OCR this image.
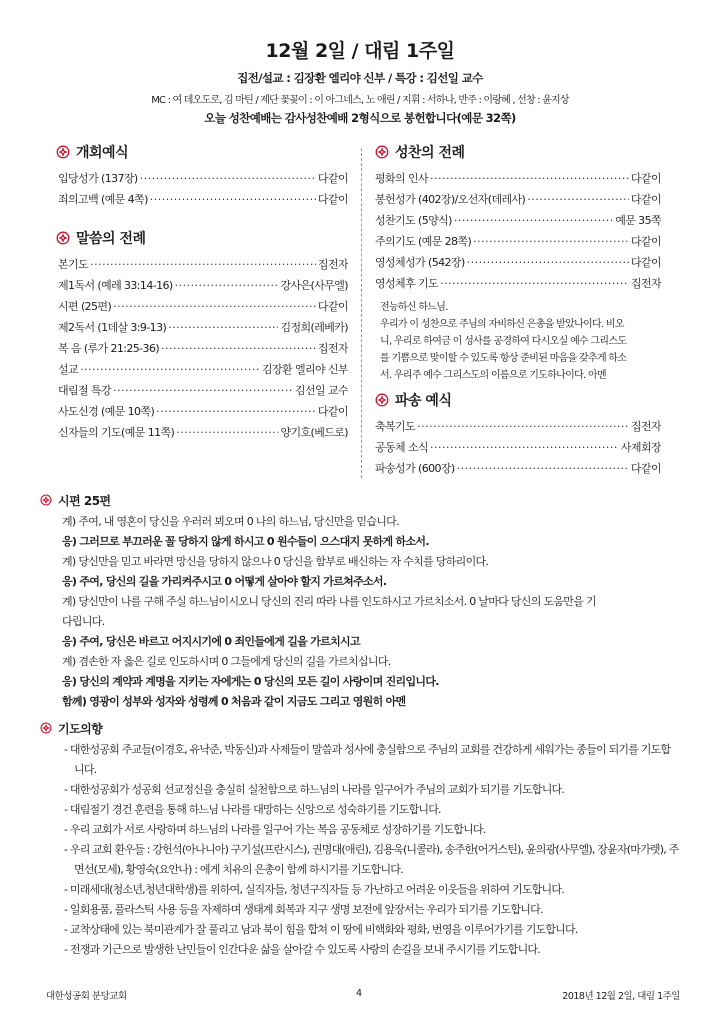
12월 2일 / 대림 1주일
집전/설교 : 김장환 엘리야 신부 / 특강 : 김선일 교수
MC : 여 데오도로, 김 마틴 / 제단 꽃꽂이 : 이 아그네스, 노 애린 / 지휘 : 서하나, 반주 : 이랑혜 , 선창 : 윤지상
오늘 성찬예배는 감사성찬예배 2형식으로 봉헌합니다(예문 32쪽)
개회예식
입당성가 (137장) ·····	다같이
죄의고백 (예문 4쪽) ·····	다같이
말씀의 전례
본기도 ·····	집전자
제1독서 (예레 33:14-16) ·····	강사은(사무엘)
시편 (25편) ·····	다같이
제2독서 (1데살 3:9-13) ·····	김정희(레베카)
복 음 (루가 21:25-36) ·····	집전자
설교 ·····	김장환 엘리야 신부
대림절 특강 ·····	김선일 교수
사도신경 (예문 10쪽) ·····	다같이
신자들의 기도(예문 11쪽) ·····	양기호(베드로)
성찬의 전례
평화의 인사 ·····	다같이
봉헌성가 (402장)/오선자(데레사) ·····	다같이
성찬기도 (5양식) ·····	예문 35쪽
주의기도 (예문 28쪽) ·····	다같이
영성체성가 (542장) ·····	다같이
영성체후 기도 ·····	집전자
전능하신 하느님.
우리가 이 성찬으로 주님의 자비하신 은총을 받았나이다. 비오
니, 우리로 하여금 이 성사를 공경하여 다시오실 예수 그리스도
를 기쁨으로 맞이할 수 있도록 항상 준비된 마음을 갖추게 하소
서. 우리주 예수 그리스도의 이름으로 기도하나이다. 아멘
파송 예식
축복기도 ·····	집전자
공동체 소식 ·····	사제회장
파송성가 (600장) ·····	다같이
시편 25편
계) 주여, 내 영혼이 당신을 우러러 뵈오며 0 나의 하느님, 당신만을 믿습니다.
응) 그러므로 부끄러운 꼴 당하지 않게 하시고 0 원수들이 으스대지 못하게 하소서.
계) 당신만을 믿고 바라면 망신을 당하지 않으나 0 당신을 함부로 배신하는 자 수치를 당하리이다.
응) 주여, 당신의 길을 가리켜주시고 0 어떻게 살아야 할지 가르쳐주소서.
계) 당신만이 나를 구해 주실 하느님이시오니 당신의 진리 따라 나를 인도하시고 가르치소서. 0 날마다 당신의 도움만을 기
다립니다.
응) 주여, 당신은 바르고 어지시기에 0 죄인들에게 길을 가르치시고
계) 겸손한 자 옳은 길로 인도하시며 0 그들에게 당신의 길을 가르치십니다.
응) 당신의 계약과 계명을 지키는 자에게는 0 당신의 모든 길이 사랑이며 진리입니다.
함께) 영광이 성부와 성자와 성령께 0 처음과 같이 지금도 그리고 영원히 아멘
기도의향
- 대한성공회 주교들(이경호, 유낙준, 박동신)과 사제들이 말씀과 성사에 충실함으로 주님의 교회를 건강하게 세워가는 종들이 되기를 기도합니다.
- 대한성공회가 성공회 선교정신을 충실히 실천함으로 하느님의 나라를 일구어가 주님의 교회가 되기를 기도합니다.
- 대림절기 경건 훈련을 통해 하느님 나라를 대망하는 신앙으로 성숙하기를 기도합니다.
- 우리 교회가 서로 사랑하며 하느님의 나라를 일구어 가는 복음 공동체로 성장하기를 기도합니다.
- 우리 교회 환우들 : 강헌석(아나니아) 구기설(프란시스), 권명대(애린), 김용욱(니콜라), 송주한(어거스틴), 윤의광(사무엘), 장윤자(마가렛), 주면선(모세), 황영숙(요안나) : 에게 치유의 은총이 함께 하시기를 기도합니다.
- 미래세대(청소년,청년대학생)를 위하여, 실직자들, 청년구직자들 등 가난하고 어려운 이웃들을 위하여 기도합니다.
- 일회용품, 플라스틱 사용 등을 자제하며 생태계 회복과 지구 생명 보전에 앞장서는 우리가 되기를 기도합니다.
- 교착상태에 있는 북미관계가 잘 풀리고 남과 북이 힘을 합쳐 이 땅에 비핵화와 평화, 번영을 이루어가기를 기도합니다.
- 전쟁과 기근으로 발생한 난민들이 인간다운 삶을 살아갈 수 있도록 사랑의 손길을 보내 주시기를 기도합니다.
대한성공회 분당교회	4	2018년 12월 2일, 대림 1주일
